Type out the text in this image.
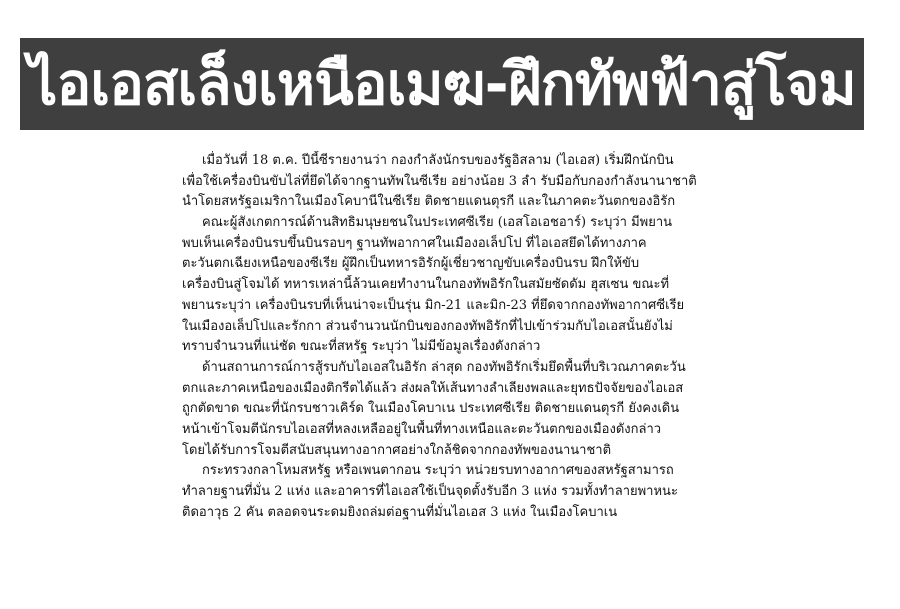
ไอเอสเล็งเหนือเมฆ-ฝึกทัพฟ้าสู่โจม
เมื่อวันที่ 18 ต.ค. ปีนี้ซีรายงานว่า กองกำลังนักรบของรัฐอิสลาม (ไอเอส) เริ่มฝึกนักบิน
เพื่อใช้เครื่องบินขับไล่ที่ยึดได้จากฐานทัพในซีเรีย อย่างน้อย 3 ลำ รับมือกับกองกำลังนานาชาติ
นำโดยสหรัฐอเมริกาในเมืองโคบานีในซีเรีย ติดชายแดนตุรกี และในภาคตะวันตกของอิรัก
คณะผู้สังเกตการณ์ด้านสิทธิมนุษยชนในประเทศซีเรีย (เอสโอเอชอาร์) ระบุว่า มีพยาน
พบเห็นเครื่องบินรบขึ้นบินรอบๆ ฐานทัพอากาศในเมืองอเล็ปโป ที่ไอเอสยึดได้ทางภาค
ตะวันตกเฉียงเหนือของซีเรีย ผู้ฝึกเป็นทหารอิรักผู้เชี่ยวชาญขับเครื่องบินรบ ฝึกให้ขับ
เครื่องบินสู่โจมได้ ทหารเหล่านี้ล้วนเคยทำงานในกองทัพอิรักในสมัยซัดดัม ฮุสเซน ขณะที่
พยานระบุว่า เครื่องบินรบที่เห็นน่าจะเป็นรุ่น มิก-21 และมิก-23 ที่ยึดจากกองทัพอากาศซีเรีย
ในเมืองอเล็ปโปและรักกา ส่วนจำนวนนักบินของกองทัพอิรักที่ไปเข้าร่วมกับไอเอสนั้นยังไม่
ทราบจำนวนที่แน่ชัด ขณะที่สหรัฐ ระบุว่า ไม่มีข้อมูลเรื่องดังกล่าว
ด้านสถานการณ์การสู้รบกับไอเอสในอิรัก ล่าสุด กองทัพอิรักเริ่มยึดพื้นที่บริเวณภาคตะวัน
ตกและภาคเหนือของเมืองติกรีตได้แล้ว ส่งผลให้เส้นทางลำเลียงพลและยุทธปัจจัยของไอเอส
ถูกตัดขาด ขณะที่นักรบชาวเคิร์ด ในเมืองโคบาเน ประเทศซีเรีย ติดชายแดนตุรกี ยังคงเดิน
หน้าเข้าโจมตีนักรบไอเอสที่หลงเหลืออยู่ในพื้นที่ทางเหนือและตะวันตกของเมืองดังกล่าว
โดยได้รับการโจมตีสนับสนุนทางอากาศอย่างใกล้ชิดจากกองทัพของนานาชาติ
กระทรวงกลาโหมสหรัฐ หรือเพนตากอน ระบุว่า หน่วยรบทางอากาศของสหรัฐสามารถ
ทำลายฐานที่มั่น 2 แห่ง และอาคารที่ไอเอสใช้เป็นจุดตั้งรับอีก 3 แห่ง รวมทั้งทำลายพาหนะ
ติดอาวุธ 2 คัน ตลอดจนระดมยิงถล่มต่อฐานที่มั่นไอเอส 3 แห่ง ในเมืองโคบาเน
